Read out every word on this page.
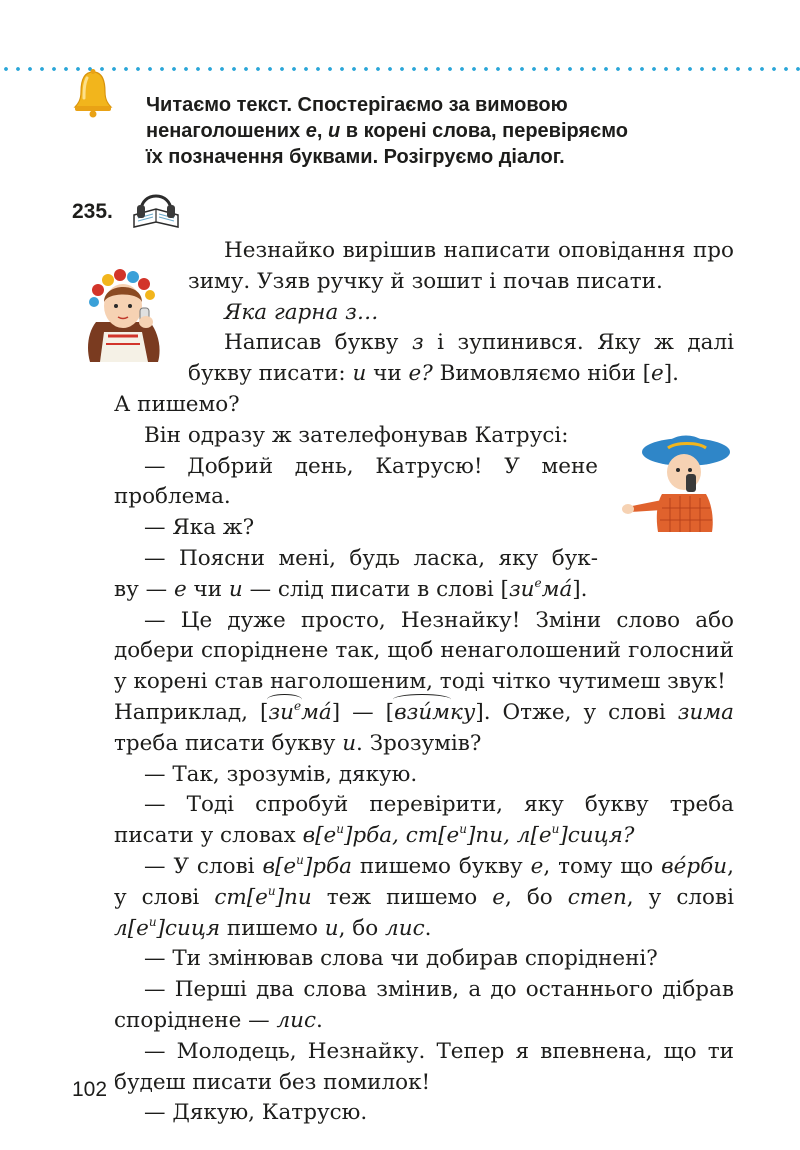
Читаємо текст. Спостерігаємо за вимовою
ненаголошених е, и в корені слова, перевіряємо
їх позначення буквами. Розігруємо діалог.
235.

Незнайко вирішив написати оповідання про зиму. Узяв ручку й зошит і почав писати.

Яка гарна з…

Написав букву з і зупинився. Яку ж далі букву писати: и чи е? Вимовляємо ніби [е].

А пишемо?

Він одразу ж зателефонував Катрусі:

— Добрий день, Катрусю! У мене проблема.

— Яка ж?

— Поясни мені, будь ласка, яку бук-

ву — е чи и — слід писати в слові $[зи^емá]$.

— Це дуже просто, Незнайку! Зміни слово або добери споріднене так, щоб ненаголошений голосний у корені став наголошеним, тоді чітко чутимеш звук!

Наприклад, $[зи^емá]$ — [взúмку]. Отже, у слові зима треба писати букву и. Зрозумів?

— Так, зрозумів, дякую.

— Тоді спробуй перевірити, яку букву треба писати у словах $в[е^и]рба$, $ст[е^и]пи$, $л[е^и]сиця$?

— У слові $в[е^и]рба$ пишемо букву е, тому що вéрби, у слові $ст[е^и]пи$ теж пишемо е, бо степ, у слові $л[е^и]сиця$ пишемо и, бо лис.

— Ти змінював слова чи добирав споріднені?

— Перші два слова змінив, а до останнього дібрав споріднене — лис.

— Молодець, Незнайку. Тепер я впевнена, що ти будеш писати без помилок!

— Дякую, Катрусю.

102
